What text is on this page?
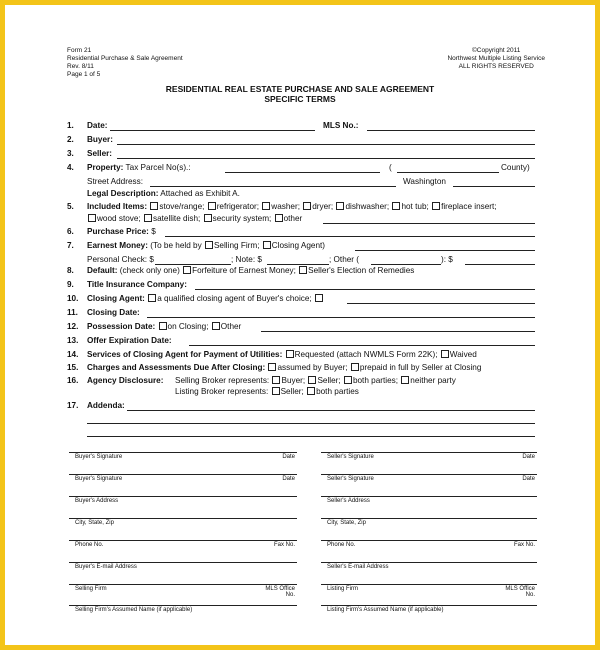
Form 21
Residential Purchase & Sale Agreement
Rev. 8/11
Page 1 of 5
©Copyright 2011
Northwest Multiple Listing Service
ALL RIGHTS RESERVED
RESIDENTIAL REAL ESTATE PURCHASE AND SALE AGREEMENT
SPECIFIC TERMS
1. Date:	MLS No.:
2. Buyer:
3. Seller:
4. Property: Tax Parcel No(s).:	(	County)
Street Address:	Washington
Legal Description: Attached as Exhibit A.
5. Included Items: stove/range; refrigerator; washer; dryer; dishwasher; hot tub; fireplace insert;
wood stove; satellite dish; security system; other
6. Purchase Price: $
7. Earnest Money: (To be held by Selling Firm; Closing Agent)
Personal Check: $	; Note: $	; Other (	): $
8. Default: (check only one) Forfeiture of Earnest Money; Seller's Election of Remedies
9. Title Insurance Company:
10. Closing Agent: a qualified closing agent of Buyer's choice;
11. Closing Date:
12. Possession Date: on Closing; Other
13. Offer Expiration Date:
14. Services of Closing Agent for Payment of Utilities: Requested (attach NWMLS Form 22K); Waived
15. Charges and Assessments Due After Closing: assumed by Buyer; prepaid in full by Seller at Closing
16. Agency Disclosure: Selling Broker represents: Buyer; Seller; both parties; neither party
Listing Broker represents: Seller; both parties
17. Addenda:
Buyer's Signature	Date
Buyer's Signature	Date
Buyer's Address
City, State, Zip
Phone No.	Fax No.
Buyer's E-mail Address
Selling Firm	MLS Office No.
Selling Firm's Assumed Name (if applicable)
Seller's Signature	Date
Seller's Signature	Date
Seller's Address
City, State, Zip
Phone No.	Fax No.
Seller's E-mail Address
Listing Firm	MLS Office No.
Listing Firm's Assumed Name (if applicable)
